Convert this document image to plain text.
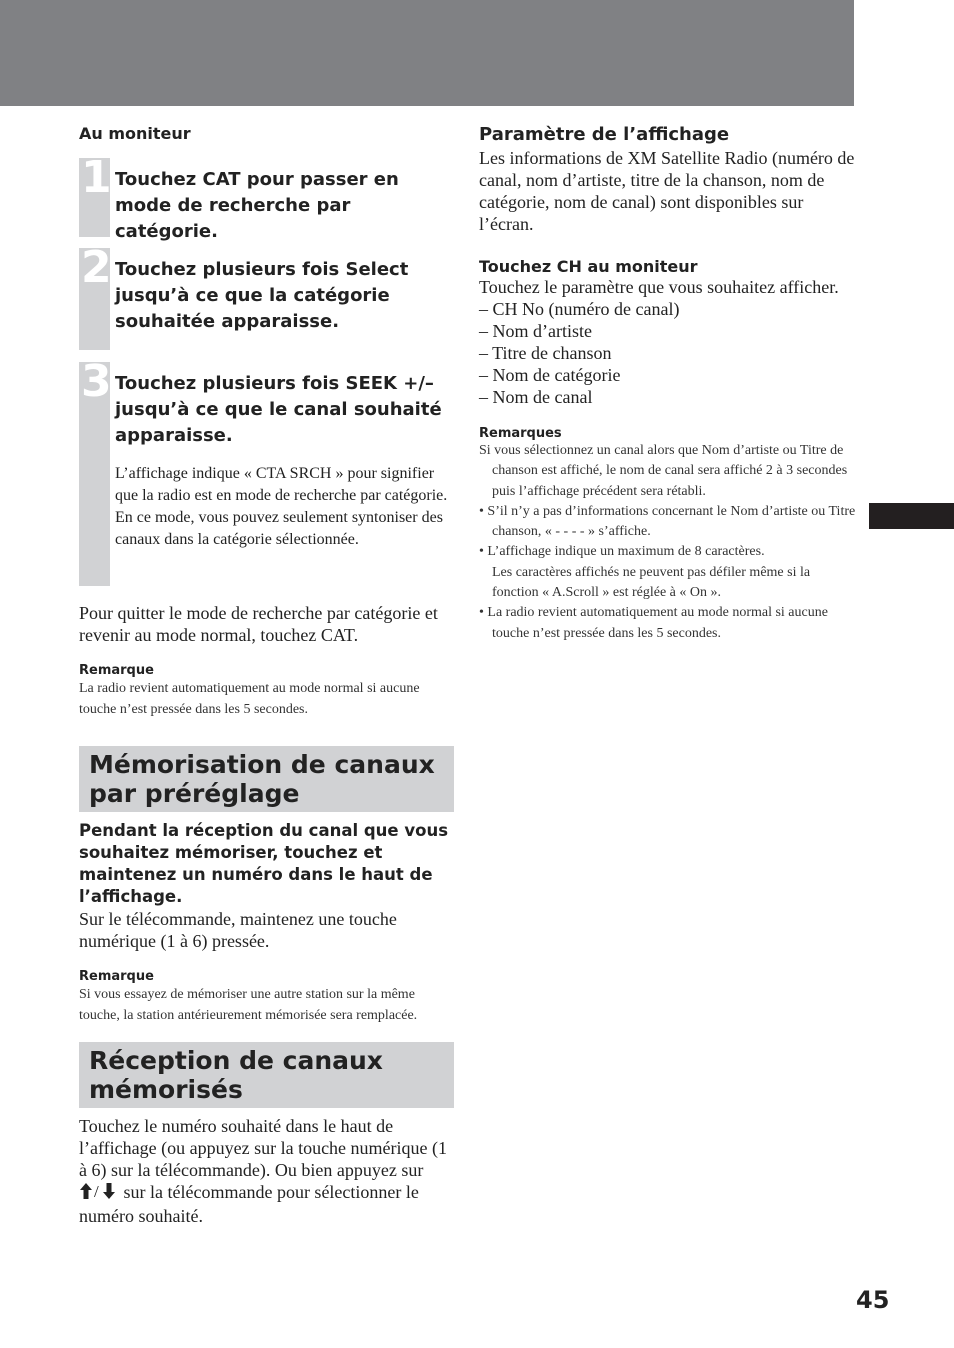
45

Au moniteur

1 Touchez CAT pour passer en mode de recherche par catégorie.

2 Touchez plusieurs fois Select jusqu’à ce que la catégorie souhaitée apparaisse.

3 Touchez plusieurs fois SEEK +/– jusqu’à ce que le canal souhaité apparaisse.

L’affichage indique « CTA SRCH » pour signifier que la radio est en mode de recherche par catégorie. En ce mode, vous pouvez seulement syntoniser des canaux dans la catégorie sélectionnée.

Pour quitter le mode de recherche par catégorie et revenir au mode normal, touchez CAT.

Remarque

La radio revient automatiquement au mode normal si aucune touche n’est pressée dans les 5 secondes.

Mémorisation de canaux par préréglage

Pendant la réception du canal que vous souhaitez mémoriser, touchez et maintenez un numéro dans le haut de l’affichage.

Sur le télécommande, maintenez une touche numérique (1 à 6) pressée.

Remarque

Si vous essayez de mémoriser une autre station sur la même touche, la station antérieurement mémorisée sera remplacée.

Réception de canaux mémorisés

Touchez le numéro souhaité dans le haut de l’affichage (ou appuyez sur la touche numérique (1 à 6) sur la télécommande). Ou bien appuyez sur
/ sur la télécommande pour sélectionner le numéro souhaité.

Paramètre de l’affichage

Les informations de XM Satellite Radio (numéro de canal, nom d’artiste, titre de la chanson, nom de catégorie, nom de canal) sont disponibles sur l’écran.

Touchez CH au moniteur

Touchez le paramètre que vous souhaitez afficher.

– CH No (numéro de canal)
– Nom d’artiste
– Titre de chanson
– Nom de catégorie
– Nom de canal

Remarques

Si vous sélectionnez un canal alors que Nom d’artiste ou Titre de chanson est affiché, le nom de canal sera affiché 2 à 3 secondes puis l’affichage précédent sera rétabli.
• S’il n’y a pas d’informations concernant le Nom d’artiste ou Titre chanson, « - - - - » s’affiche.
• L’affichage indique un maximum de 8 caractères.
Les caractères affichés ne peuvent pas défiler même si la fonction « A.Scroll » est réglée à « On ».
• La radio revient automatiquement au mode normal si aucune touche n’est pressée dans les 5 secondes.
